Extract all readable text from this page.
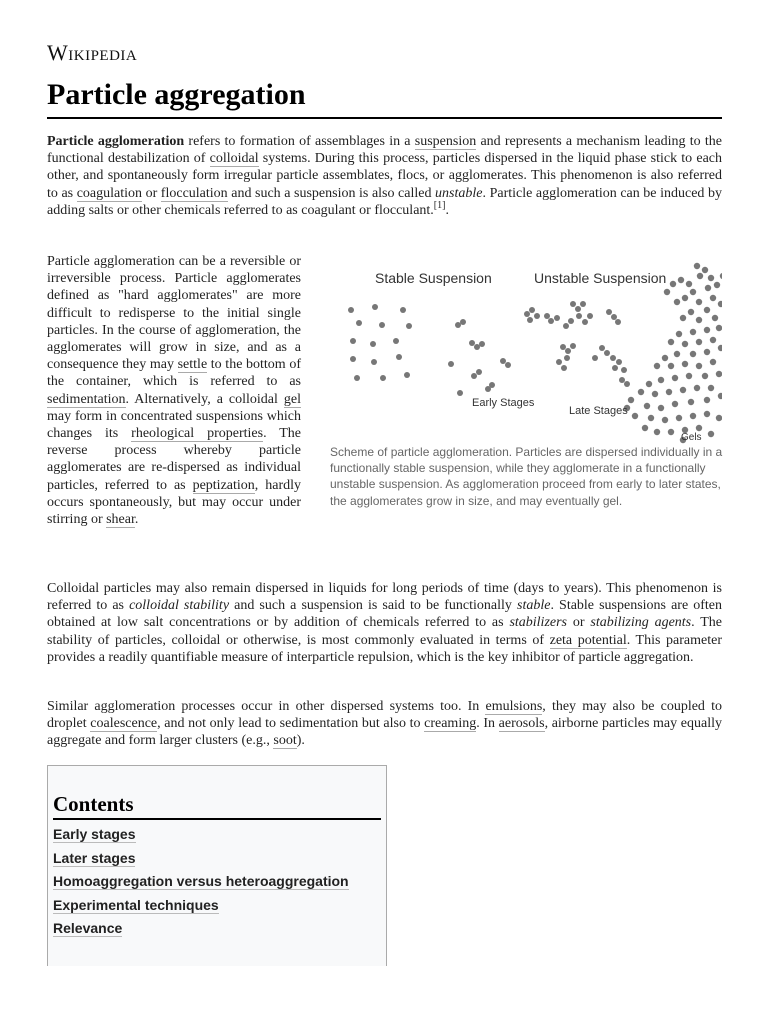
Wikipedia
Particle aggregation

Particle agglomeration refers to formation of assemblages in a suspension and represents a mechanism leading to the functional destabilization of colloidal systems. During this process, particles dispersed in the liquid phase stick to each other, and spontaneously form irregular particle assemblates, flocs, or agglomerates. This phenomenon is also referred to as coagulation or flocculation and such a suspension is also called unstable. Particle agglomeration can be induced by adding salts or other chemicals referred to as coagulant or flocculant.[1].

Particle agglomeration can be a reversible or irreversible process. Particle agglomerates defined as "hard agglomerates" are more difficult to redisperse to the initial single particles. In the course of agglomeration, the agglomerates will grow in size, and as a consequence they may settle to the bottom of the container, which is referred to as sedimentation. Alternatively, a colloidal gel may form in concentrated suspensions which changes its rheological properties. The reverse process whereby particle agglomerates are re-dispersed as individual particles, referred to as peptization, hardly occurs spontaneously, but may occur under stirring or shear.

Stable Suspension	Unstable Suspension
Early Stages
Late Stages
Gels
Scheme of particle agglomeration. Particles are dispersed individually in a functionally stable suspension, while they agglomerate in a functionally unstable suspension. As agglomeration proceed from early to later states, the agglomerates grow in size, and may eventually gel.

Colloidal particles may also remain dispersed in liquids for long periods of time (days to years). This phenomenon is referred to as colloidal stability and such a suspension is said to be functionally stable. Stable suspensions are often obtained at low salt concentrations or by addition of chemicals referred to as stabilizers or stabilizing agents. The stability of particles, colloidal or otherwise, is most commonly evaluated in terms of zeta potential. This parameter provides a readily quantifiable measure of interparticle repulsion, which is the key inhibitor of particle aggregation.

Similar agglomeration processes occur in other dispersed systems too. In emulsions, they may also be coupled to droplet coalescence, and not only lead to sedimentation but also to creaming. In aerosols, airborne particles may equally aggregate and form larger clusters (e.g., soot).

Contents
Early stages
Later stages
Homoaggregation versus heteroaggregation
Experimental techniques
Relevance
